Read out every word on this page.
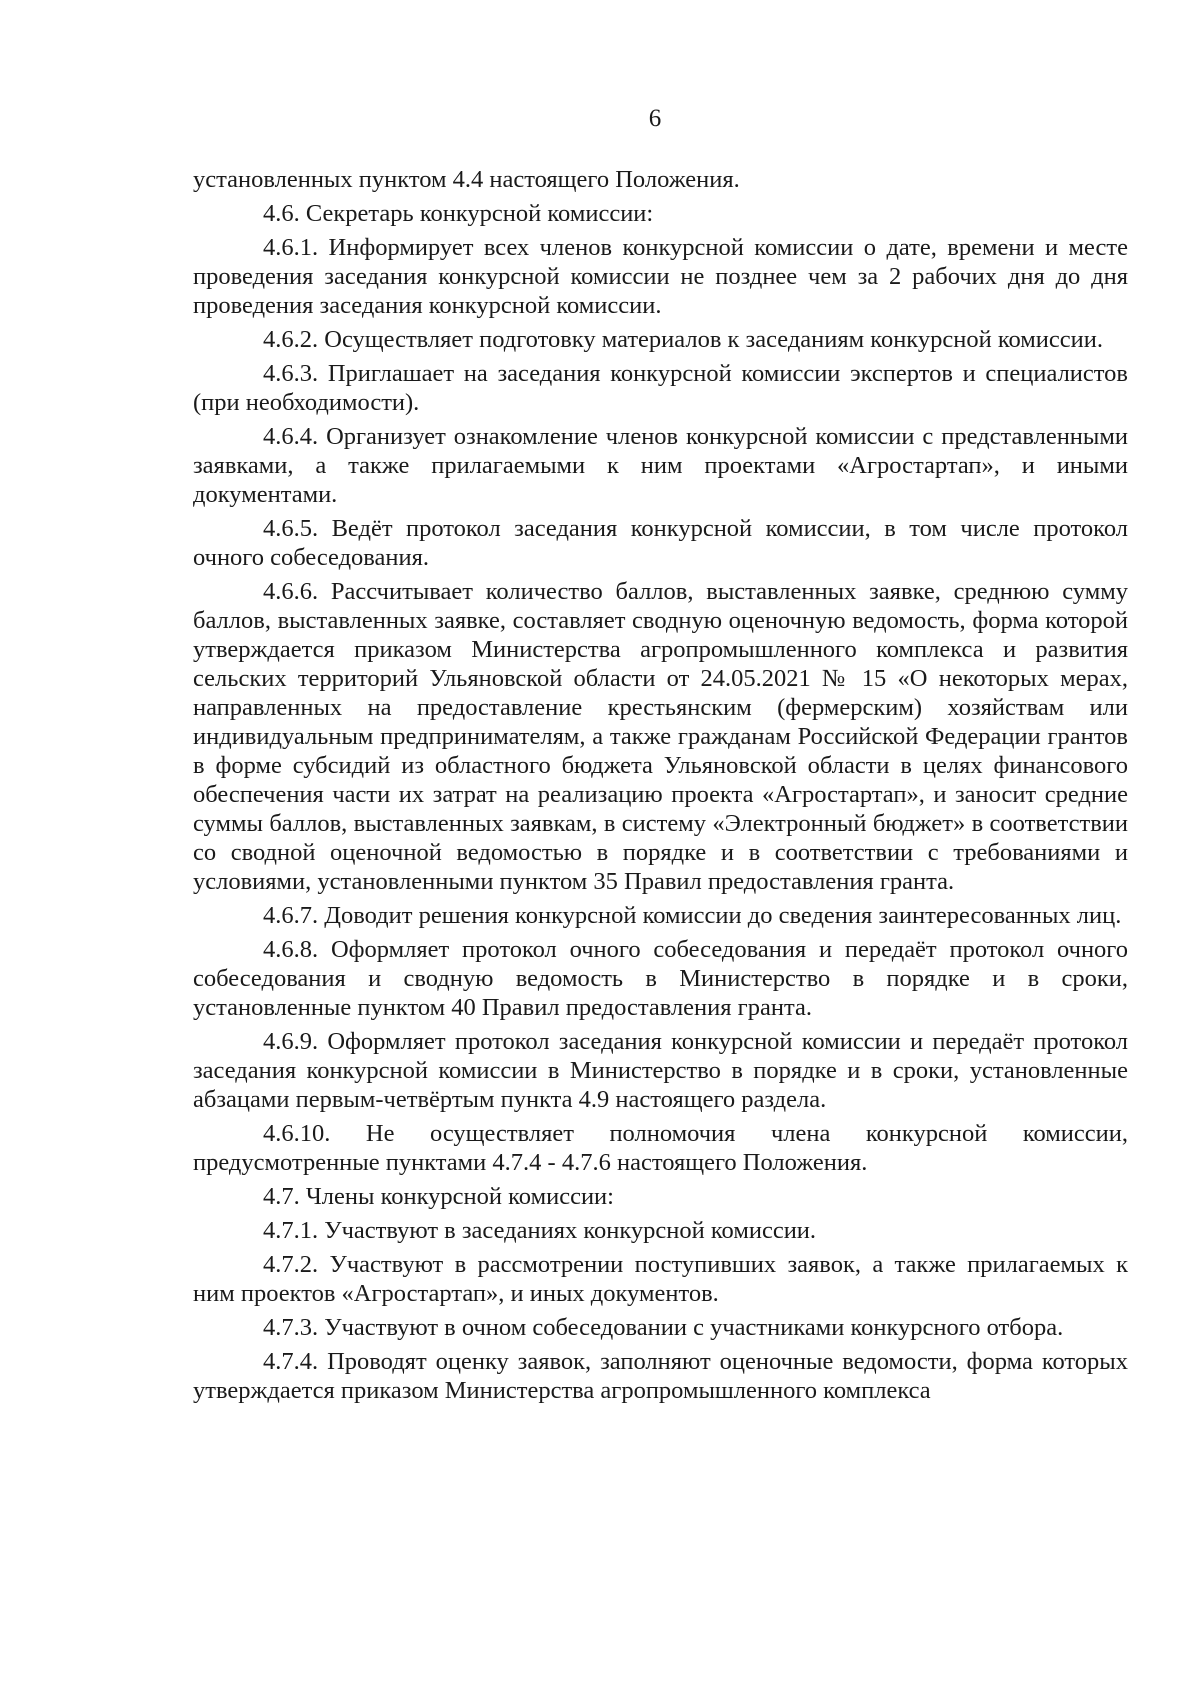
6

установленных пунктом 4.4 настоящего Положения.

4.6. Секретарь конкурсной комиссии:

4.6.1. Информирует всех членов конкурсной комиссии о дате, времени и месте проведения заседания конкурсной комиссии не позднее чем за 2 рабочих дня до дня проведения заседания конкурсной комиссии.

4.6.2. Осуществляет подготовку материалов к заседаниям конкурсной комиссии.

4.6.3. Приглашает на заседания конкурсной комиссии экспертов и специалистов (при необходимости).

4.6.4. Организует ознакомление членов конкурсной комиссии с представленными заявками, а также прилагаемыми к ним проектами «Агростартап», и иными документами.

4.6.5. Ведёт протокол заседания конкурсной комиссии, в том числе протокол очного собеседования.

4.6.6. Рассчитывает количество баллов, выставленных заявке, среднюю сумму баллов, выставленных заявке, составляет сводную оценочную ведомость, форма которой утверждается приказом Министерства агропромышленного комплекса и развития сельских территорий Ульяновской области от 24.05.2021 № 15 «О некоторых мерах, направленных на предоставление крестьянским (фермерским) хозяйствам или индивидуальным предпринимателям, а также гражданам Российской Федерации грантов в форме субсидий из областного бюджета Ульяновской области в целях финансового обеспечения части их затрат на реализацию проекта «Агростартап», и заносит средние суммы баллов, выставленных заявкам, в систему «Электронный бюджет» в соответствии со сводной оценочной ведомостью в порядке и в соответствии с требованиями и условиями, установленными пунктом 35 Правил предоставления гранта.

4.6.7. Доводит решения конкурсной комиссии до сведения заинтересованных лиц.

4.6.8. Оформляет протокол очного собеседования и передаёт протокол очного собеседования и сводную ведомость в Министерство в порядке и в сроки, установленные пунктом 40 Правил предоставления гранта.

4.6.9. Оформляет протокол заседания конкурсной комиссии и передаёт протокол заседания конкурсной комиссии в Министерство в порядке и в сроки, установленные абзацами первым-четвёртым пункта 4.9 настоящего раздела.

4.6.10. Не осуществляет полномочия члена конкурсной комиссии, предусмотренные пунктами 4.7.4 - 4.7.6 настоящего Положения.

4.7. Члены конкурсной комиссии:

4.7.1. Участвуют в заседаниях конкурсной комиссии.

4.7.2. Участвуют в рассмотрении поступивших заявок, а также прилагаемых к ним проектов «Агростартап», и иных документов.

4.7.3. Участвуют в очном собеседовании с участниками конкурсного отбора.

4.7.4. Проводят оценку заявок, заполняют оценочные ведомости, форма которых утверждается приказом Министерства агропромышленного комплекса
